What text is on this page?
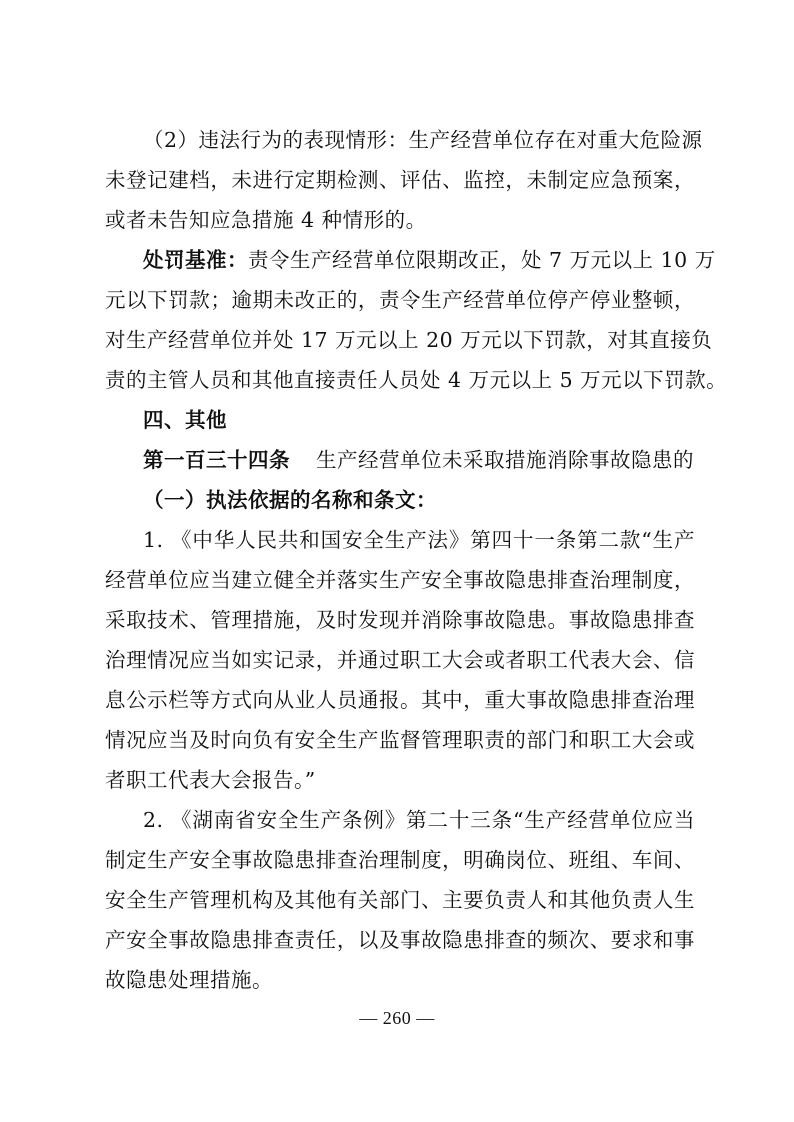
（2）违法行为的表现情形：生产经营单位存在对重大危险源
未登记建档，未进行定期检测、评估、监控，未制定应急预案，
或者未告知应急措施 4 种情形的。
处罚基准：责令生产经营单位限期改正，处 7 万元以上 10 万
元以下罚款；逾期未改正的，责令生产经营单位停产停业整顿，
对生产经营单位并处 17 万元以上 20 万元以下罚款，对其直接负
责的主管人员和其他直接责任人员处 4 万元以上 5 万元以下罚款。
四、其他
第一百三十四条 生产经营单位未采取措施消除事故隐患的
（一）执法依据的名称和条文：
1. 《中华人民共和国安全生产法》第四十一条第二款“生产
经营单位应当建立健全并落实生产安全事故隐患排查治理制度，
采取技术、管理措施，及时发现并消除事故隐患。事故隐患排查
治理情况应当如实记录，并通过职工大会或者职工代表大会、信
息公示栏等方式向从业人员通报。其中，重大事故隐患排查治理
情况应当及时向负有安全生产监督管理职责的部门和职工大会或
者职工代表大会报告。”
2. 《湖南省安全生产条例》第二十三条“生产经营单位应当
制定生产安全事故隐患排查治理制度，明确岗位、班组、车间、
安全生产管理机构及其他有关部门、主要负责人和其他负责人生
产安全事故隐患排查责任，以及事故隐患排查的频次、要求和事
故隐患处理措施。
— 260 —
